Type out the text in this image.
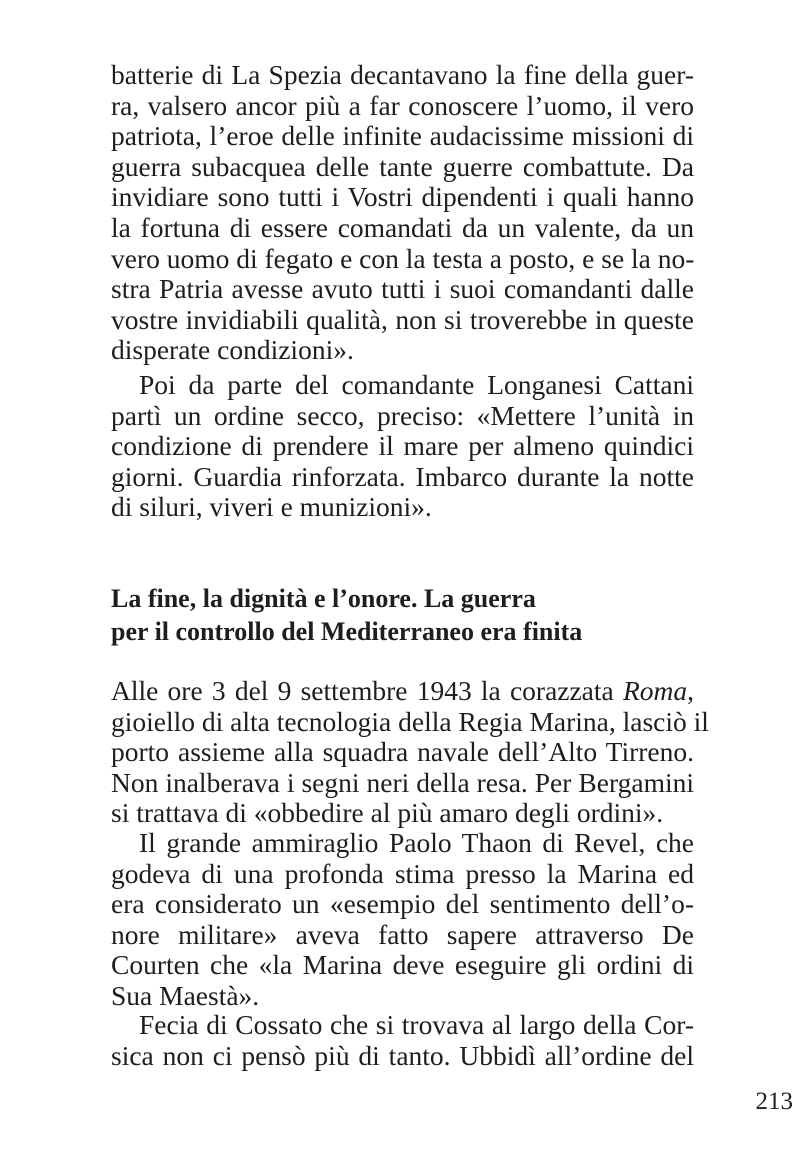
batterie di La Spezia decantavano la fine della guer-
ra, valsero ancor più a far conoscere l’uomo, il vero
patriota, l’eroe delle infinite audacissime missioni di
guerra subacquea delle tante guerre combattute. Da
invidiare sono tutti i Vostri dipendenti i quali hanno
la fortuna di essere comandati da un valente, da un
vero uomo di fegato e con la testa a posto, e se la no-
stra Patria avesse avuto tutti i suoi comandanti dalle
vostre invidiabili qualità, non si troverebbe in queste
disperate condizioni».
Poi da parte del comandante Longanesi Cattani
partì un ordine secco, preciso: «Mettere l’unità in
condizione di prendere il mare per almeno quindici
giorni. Guardia rinforzata. Imbarco durante la notte
di siluri, viveri e munizioni».
La fine, la dignità e l’onore. La guerra
per il controllo del Mediterraneo era finita
Alle ore 3 del 9 settembre 1943 la corazzata Roma,
gioiello di alta tecnologia della Regia Marina, lasciò il
porto assieme alla squadra navale dell’Alto Tirreno.
Non inalberava i segni neri della resa. Per Bergamini
si trattava di «obbedire al più amaro degli ordini».
Il grande ammiraglio Paolo Thaon di Revel, che
godeva di una profonda stima presso la Marina ed
era considerato un «esempio del sentimento dell’o-
nore militare» aveva fatto sapere attraverso De
Courten che «la Marina deve eseguire gli ordini di
Sua Maestà».
Fecia di Cossato che si trovava al largo della Cor-
sica non ci pensò più di tanto. Ubbidì all’ordine del
213
